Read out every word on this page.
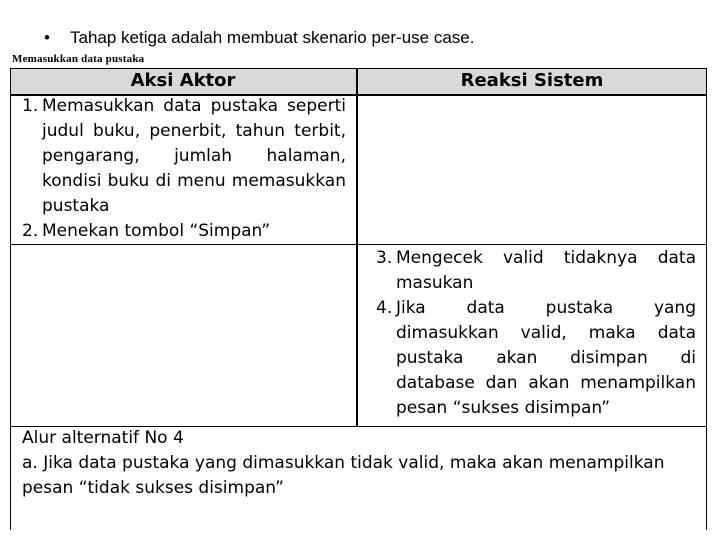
• Tahap ketiga adalah membuat skenario per-use case.
Memasukkan data pustaka
Aksi Aktor	Reaksi Sistem
1. Memasukkan data pustaka seperti judul buku, penerbit, tahun terbit, pengarang, jumlah halaman, kondisi buku di menu memasukkan pustaka
2. Menekan tombol “Simpan”
3. Mengecek valid tidaknya data masukan
4. Jika data pustaka yang dimasukkan valid, maka data pustaka akan disimpan di database dan akan menampilkan pesan “sukses disimpan”
Alur alternatif No 4
a. Jika data pustaka yang dimasukkan tidak valid, maka akan menampilkan pesan “tidak sukses disimpan”
